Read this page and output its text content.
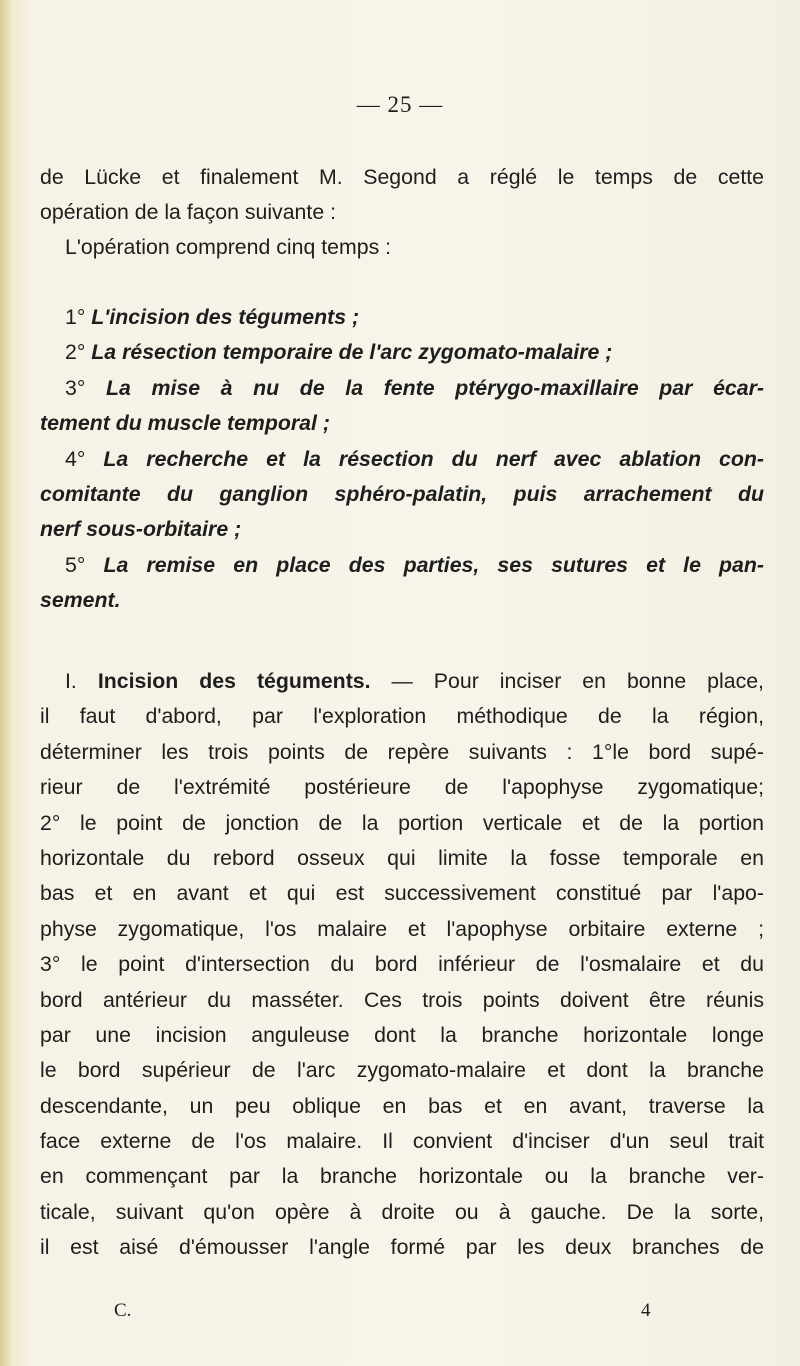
— 25 —
de Lücke et finalement M. Segond a réglé le temps de cette
opération de la façon suivante :
L'opération comprend cinq temps :
1° L'incision des téguments ;
2° La résection temporaire de l'arc zygomato-malaire ;
3° La mise à nu de la fente ptérygo-maxillaire par écar-
tement du muscle temporal ;
4° La recherche et la résection du nerf avec ablation con-
comitante du ganglion sphéro-palatin, puis arrachement du
nerf sous-orbitaire ;
5° La remise en place des parties, ses sutures et le pan-
sement.
I. Incision des téguments. — Pour inciser en bonne place,
il faut d'abord, par l'exploration méthodique de la région,
déterminer les trois points de repère suivants : 1°le bord supé-
rieur de l'extrémité postérieure de l'apophyse zygomatique;
2° le point de jonction de la portion verticale et de la portion
horizontale du rebord osseux qui limite la fosse temporale en
bas et en avant et qui est successivement constitué par l'apo-
physe zygomatique, l'os malaire et l'apophyse orbitaire externe ;
3° le point d'intersection du bord inférieur de l'osmalaire et du
bord antérieur du masséter. Ces trois points doivent être réunis
par une incision anguleuse dont la branche horizontale longe
le bord supérieur de l'arc zygomato-malaire et dont la branche
descendante, un peu oblique en bas et en avant, traverse la
face externe de l'os malaire. Il convient d'inciser d'un seul trait
en commençant par la branche horizontale ou la branche ver-
ticale, suivant qu'on opère à droite ou à gauche. De la sorte,
il est aisé d'émousser l'angle formé par les deux branches de
C.	4
